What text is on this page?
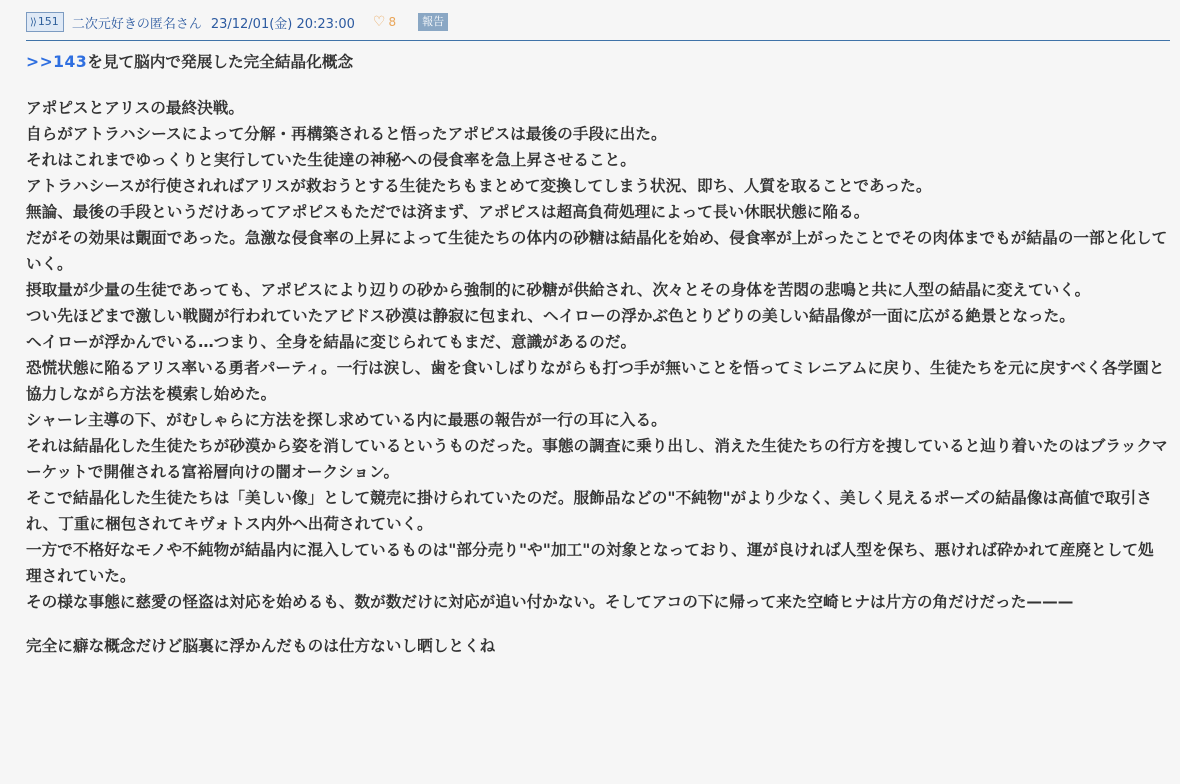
⟩⟩ 151	二次元好きの匿名さん 23/12/01(金) 20:23:00 ♡ 8	報告
>>143を見て脳内で発展した完全結晶化概念

アポピスとアリスの最終決戦。

自らがアトラハシースによって分解・再構築されると悟ったアポピスは最後の手段に出た。

それはこれまでゆっくりと実行していた生徒達の神秘への侵食率を急上昇させること。

アトラハシースが行使されればアリスが救おうとする生徒たちもまとめて変換してしまう状況、即ち、人質を取ることであった。

無論、最後の手段というだけあってアポピスもただでは済まず、アポピスは超高負荷処理によって長い休眠状態に陥る。

だがその効果は覿面であった。急激な侵食率の上昇によって生徒たちの体内の砂糖は結晶化を始め、侵食率が上がったことでその肉体までもが結晶の一部と化していく。

摂取量が少量の生徒であっても、アポピスにより辺りの砂から強制的に砂糖が供給され、次々とその身体を苦悶の悲鳴と共に人型の結晶に変えていく。

つい先ほどまで激しい戦闘が行われていたアビドス砂漠は静寂に包まれ、ヘイローの浮かぶ色とりどりの美しい結晶像が一面に広がる絶景となった。

ヘイローが浮かんでいる…つまり、全身を結晶に変じられてもまだ、意識があるのだ。

恐慌状態に陥るアリス率いる勇者パーティ。一行は涙し、歯を食いしばりながらも打つ手が無いことを悟ってミレニアムに戻り、生徒たちを元に戻すべく各学園と協力しながら方法を模索し始めた。

シャーレ主導の下、がむしゃらに方法を探し求めている内に最悪の報告が一行の耳に入る。

それは結晶化した生徒たちが砂漠から姿を消しているというものだった。事態の調査に乗り出し、消えた生徒たちの行方を捜していると辿り着いたのはブラックマーケットで開催される富裕層向けの闇オークション。

そこで結晶化した生徒たちは「美しい像」として競売に掛けられていたのだ。服飾品などの"不純物"がより少なく、美しく見えるポーズの結晶像は高値で取引され、丁重に梱包されてキヴォトス内外へ出荷されていく。

一方で不格好なモノや不純物が結晶内に混入しているものは"部分売り"や"加工"の対象となっており、運が良ければ人型を保ち、悪ければ砕かれて産廃として処理されていた。

その様な事態に慈愛の怪盗は対応を始めるも、数が数だけに対応が追い付かない。そしてアコの下に帰って来た空崎ヒナは片方の角だけだった———

完全に癖な概念だけど脳裏に浮かんだものは仕方ないし晒しとくね
